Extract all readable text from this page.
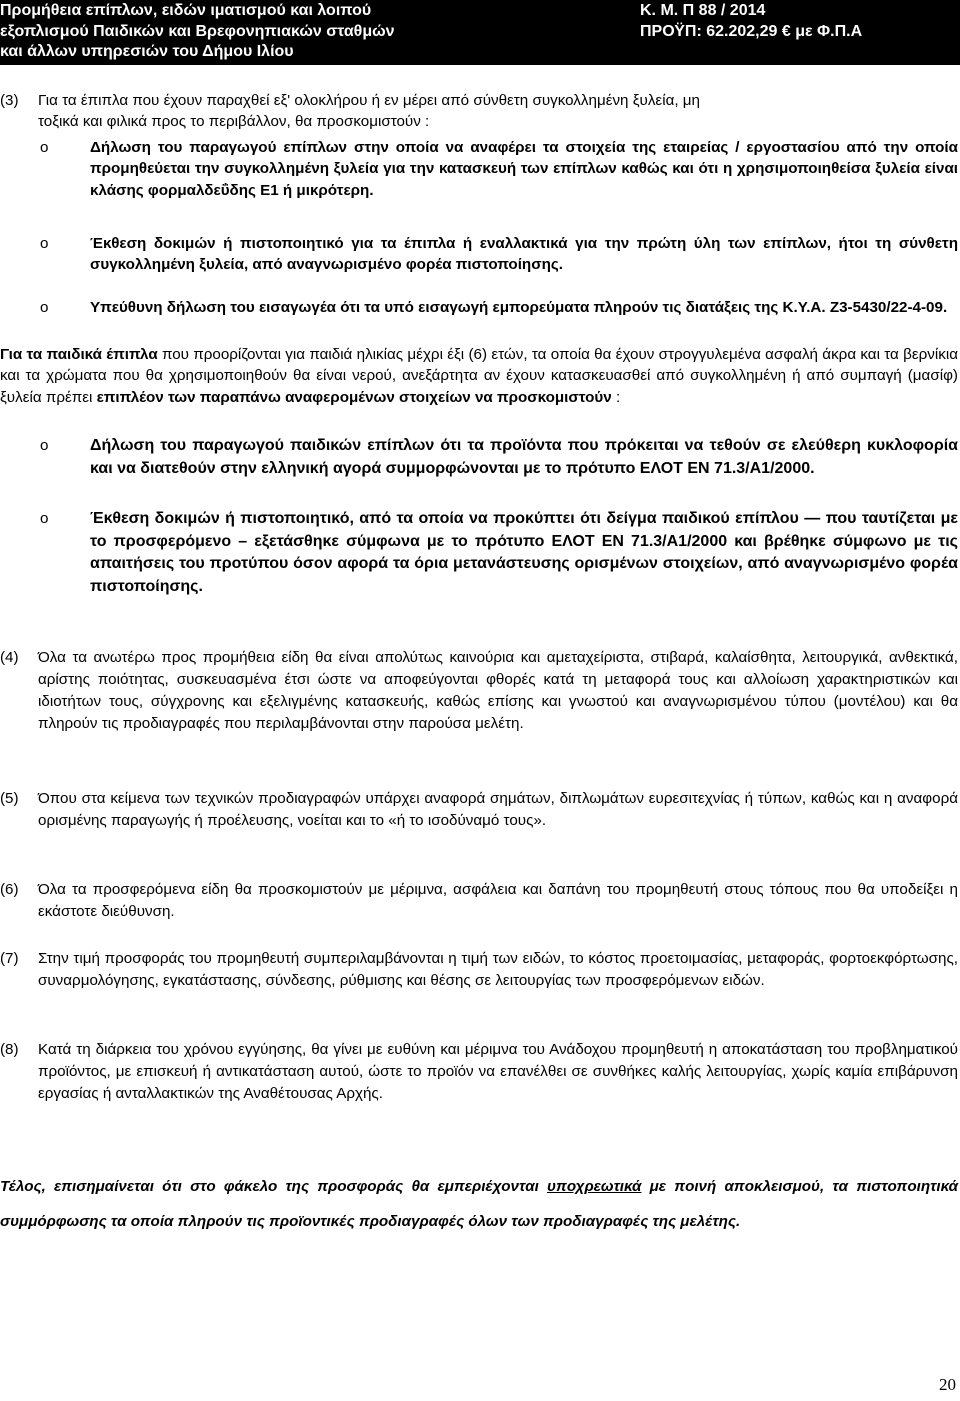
Προμήθεια επίπλων, ειδών ιματισμού και λοιπού
εξοπλισμού Παιδικών και Βρεφονηπιακών σταθμών
και άλλων υπηρεσιών του Δήμου Ιλίου
Κ. Μ. Π 88 / 2014
ΠΡΟΫΠ: 62.202,29 € με Φ.Π.Α
(3) Για τα έπιπλα που έχουν παραχθεί εξ' ολοκλήρου ή εν μέρει από σύνθετη συγκολλημένη ξυλεία, μη

τοξικά και φιλικά προς το περιβάλλον, θα προσκομιστούν :

o	Δήλωση του παραγωγού επίπλων στην οποία να αναφέρει τα στοιχεία της εταιρείας / εργοστασίου από την οποία προμηθεύεται την συγκολλημένη ξυλεία για την κατασκευή των επίπλων καθώς και ότι η χρησιμοποιηθείσα ξυλεία είναι κλάσης φορμαλδεΰδης Ε1 ή μικρότερη.

o	Έκθεση δοκιμών ή πιστοποιητικό για τα έπιπλα ή εναλλακτικά για την πρώτη ύλη των επίπλων, ήτοι τη σύνθετη συγκολλημένη ξυλεία, από αναγνωρισμένο φορέα πιστοποίησης.

o	Υπεύθυνη δήλωση του εισαγωγέα ότι τα υπό εισαγωγή εμπορεύματα πληρούν τις διατάξεις της Κ.Υ.Α. Ζ3-5430/22-4-09.

Για τα παιδικά έπιπλα που προορίζονται για παιδιά ηλικίας μέχρι έξι (6) ετών, τα οποία θα έχουν στρογγυλεμένα ασφαλή άκρα και τα βερνίκια και τα χρώματα που θα χρησιμοποιηθούν θα είναι νερού, ανεξάρτητα αν έχουν κατασκευασθεί από συγκολλημένη ή από συμπαγή (μασίφ) ξυλεία πρέπει επιπλέον των παραπάνω αναφερομένων στοιχείων να προσκομιστούν :

o	Δήλωση του παραγωγού παιδικών επίπλων ότι τα προϊόντα που πρόκειται να τεθούν σε ελεύθερη κυκλοφορία και να διατεθούν στην ελληνική αγορά συμμορφώνονται με το πρότυπο ΕΛΟΤ ΕΝ 71.3/Α1/2000.

o	Έκθεση δοκιμών ή πιστοποιητικό, από τα οποία να προκύπτει ότι δείγμα παιδικού επίπλου — που ταυτίζεται με το προσφερόμενο – εξετάσθηκε σύμφωνα με το πρότυπο ΕΛΟΤ ΕΝ 71.3/Α1/2000 και βρέθηκε σύμφωνο με τις απαιτήσεις του προτύπου όσον αφορά τα όρια μετανάστευσης ορισμένων στοιχείων, από αναγνωρισμένο φορέα πιστοποίησης.

(4) Όλα τα ανωτέρω προς προμήθεια είδη θα είναι απολύτως καινούρια και αμεταχείριστα, στιβαρά, καλαίσθητα, λειτουργικά, ανθεκτικά, αρίστης ποιότητας, συσκευασμένα έτσι ώστε να αποφεύγονται φθορές κατά τη μεταφορά τους και αλλοίωση χαρακτηριστικών και ιδιοτήτων τους, σύγχρονης και εξελιγμένης κατασκευής, καθώς επίσης και γνωστού και αναγνωρισμένου τύπου (μοντέλου) και θα πληρούν τις προδιαγραφές που περιλαμβάνονται στην παρούσα μελέτη.

(5) Όπου στα κείμενα των τεχνικών προδιαγραφών υπάρχει αναφορά σημάτων, διπλωμάτων ευρεσιτεχνίας ή τύπων, καθώς και η αναφορά ορισμένης παραγωγής ή προέλευσης, νοείται και το «ή το ισοδύναμό τους».

(6) Όλα τα προσφερόμενα είδη θα προσκομιστούν με μέριμνα, ασφάλεια και δαπάνη του προμηθευτή στους τόπους που θα υποδείξει η εκάστοτε διεύθυνση.

(7) Στην τιμή προσφοράς του προμηθευτή συμπεριλαμβάνονται η τιμή των ειδών, το κόστος προετοιμασίας, μεταφοράς, φορτοεκφόρτωσης, συναρμολόγησης, εγκατάστασης, σύνδεσης, ρύθμισης και θέσης σε λειτουργίας των προσφερόμενων ειδών.

(8) Κατά τη διάρκεια του χρόνου εγγύησης, θα γίνει με ευθύνη και μέριμνα του Ανάδοχου προμηθευτή η αποκατάσταση του προβληματικού προϊόντος, με επισκευή ή αντικατάσταση αυτού, ώστε το προϊόν να επανέλθει σε συνθήκες καλής λειτουργίας, χωρίς καμία επιβάρυνση εργασίας ή ανταλλακτικών της Αναθέτουσας Αρχής.

Τέλος, επισημαίνεται ότι στο φάκελο της προσφοράς θα εμπεριέχονται υποχρεωτικά με ποινή αποκλεισμού, τα πιστοποιητικά συμμόρφωσης τα οποία πληρούν τις προϊοντικές προδιαγραφές όλων των προδιαγραφές της μελέτης.

20
